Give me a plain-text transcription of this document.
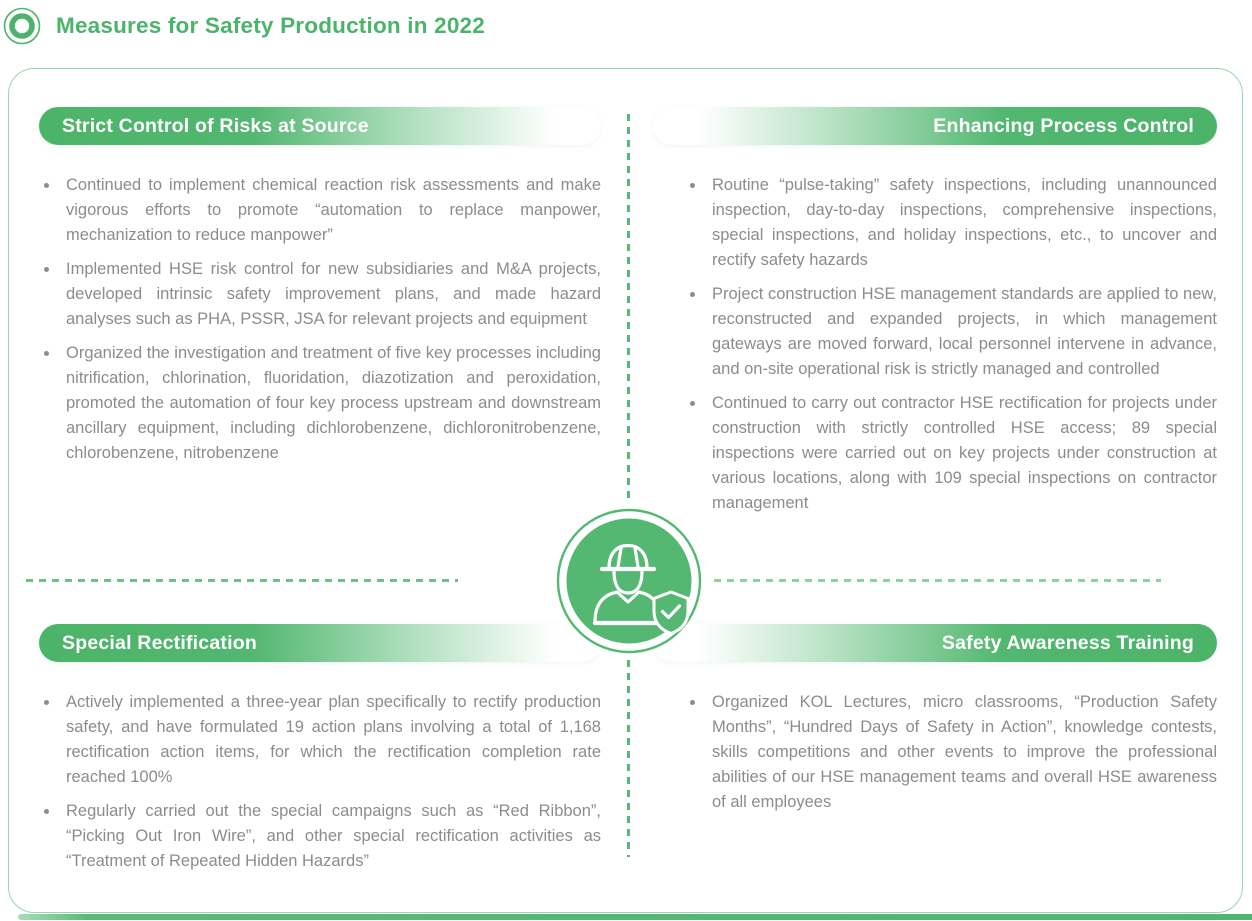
Measures for Safety Production in 2022
Strict Control of Risks at Source
Continued to implement chemical reaction risk assessments and make vigorous efforts to promote “automation to replace manpower, mechanization to reduce manpower”
Implemented HSE risk control for new subsidiaries and M&A projects, developed intrinsic safety improvement plans, and made hazard analyses such as PHA, PSSR, JSA for relevant projects and equipment
Organized the investigation and treatment of five key processes including nitrification, chlorination, fluoridation, diazotization and peroxidation, promoted the automation of four key process upstream and downstream ancillary equipment, including dichlorobenzene, dichloronitrobenzene, chlorobenzene, nitrobenzene
Enhancing Process Control
Routine “pulse-taking” safety inspections, including unannounced inspection, day-to-day inspections, comprehensive inspections, special inspections, and holiday inspections, etc., to uncover and rectify safety hazards
Project construction HSE management standards are applied to new, reconstructed and expanded projects, in which management gateways are moved forward, local personnel intervene in advance, and on-site operational risk is strictly managed and controlled
Continued to carry out contractor HSE rectification for projects under construction with strictly controlled HSE access; 89 special inspections were carried out on key projects under construction at various locations, along with 109 special inspections on contractor management
Special Rectification
Actively implemented a three-year plan specifically to rectify production safety, and have formulated 19 action plans involving a total of 1,168 rectification action items, for which the rectification completion rate reached 100%
Regularly carried out the special campaigns such as “Red Ribbon”, “Picking Out Iron Wire”, and other special rectification activities as “Treatment of Repeated Hidden Hazards”
Safety Awareness Training
Organized KOL Lectures, micro classrooms, “Production Safety Months”, “Hundred Days of Safety in Action”, knowledge contests, skills competitions and other events to improve the professional abilities of our HSE management teams and overall HSE awareness of all employees
